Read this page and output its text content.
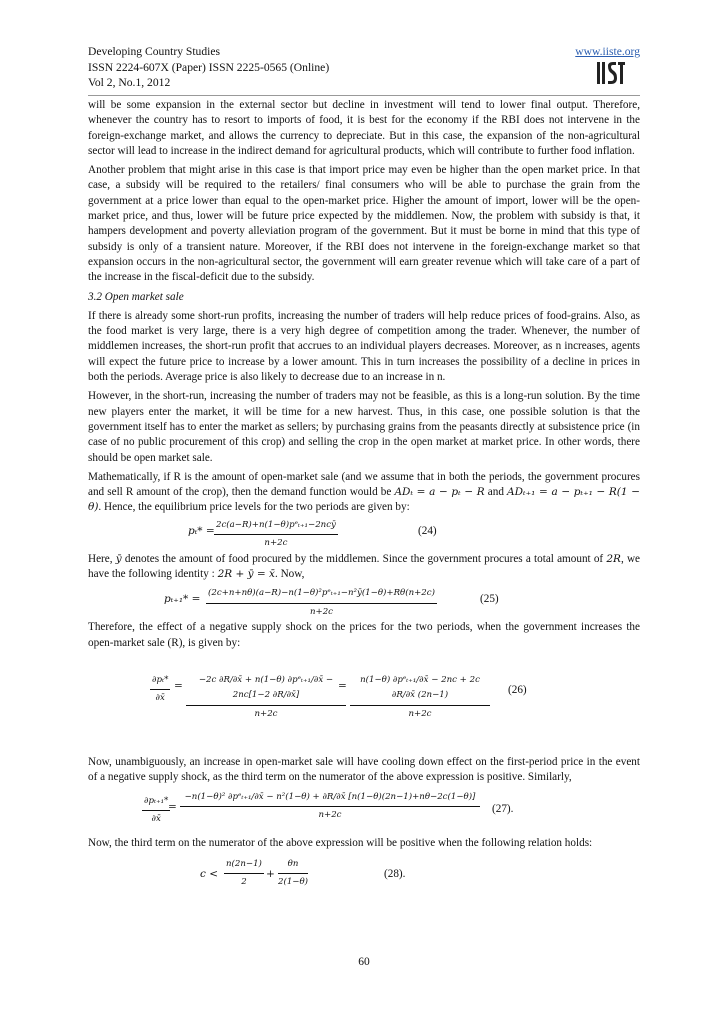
Developing Country Studies
ISSN 2224-607X (Paper) ISSN 2225-0565 (Online)
Vol 2, No.1, 2012
www.iiste.org

will be some expansion in the external sector but decline in investment will tend to lower final output. Therefore, whenever the country has to resort to imports of food, it is best for the economy if the RBI does not intervene in the foreign-exchange market, and allows the currency to depreciate. But in this case, the expansion of the non-agricultural sector will lead to increase in the indirect demand for agricultural products, which will contribute to further food inflation.

Another problem that might arise in this case is that import price may even be higher than the open market price. In that case, a subsidy will be required to the retailers/ final consumers who will be able to purchase the grain from the government at a price lower than equal to the open-market price. Higher the amount of import, lower will be the open-market price, and thus, lower will be future price expected by the middlemen. Now, the problem with subsidy is that, it hampers development and poverty alleviation program of the government. But it must be borne in mind that this type of subsidy is only of a transient nature. Moreover, if the RBI does not intervene in the foreign-exchange market so that expansion occurs in the non-agricultural sector, the government will earn greater revenue which will take care of a part of the increase in the fiscal-deficit due to the subsidy.

3.2 Open market sale

If there is already some short-run profits, increasing the number of traders will help reduce prices of food-grains. Also, as the food market is very large, there is a very high degree of competition among the trader. Whenever, the number of middlemen increases, the short-run profit that accrues to an individual players decreases. Moreover, as n increases, agents will expect the future price to increase by a lower amount. This in turn increases the possibility of a decline in prices in both the periods. Average price is also likely to decrease due to an increase in n.

However, in the short-run, increasing the number of traders may not be feasible, as this is a long-run solution. By the time new players enter the market, it will be time for a new harvest. Thus, in this case, one possible solution is that the government itself has to enter the market as sellers; by purchasing grains from the peasants directly at subsistence price (in case of no public procurement of this crop) and selling the crop in the open market at market price. In other words, there should be open market sale.

Mathematically, if R is the amount of open-market sale (and we assume that in both the periods, the government procures and sell R amount of the crop), then the demand function would be ADₜ = a − pₜ − R and ADₜ₊₁ = a − pₜ₊₁ − R(1 − θ). Hence, the equilibrium price levels for the two periods are given by:

pₜ* = 2c(a−R)+n(1−θ)pᵉₜ₊₁−2ncȳ
n+2c
(24)

Here, ȳ denotes the amount of food procured by the middlemen. Since the government procures a total amount of 2R, we have the following identity : 2R + ȳ = x̄. Now,

pₜ₊₁* = (2c+n+nθ)(a−R)−n(1−θ)²pᵉₜ₊₁−n²ȳ(1−θ)+Rθ(n+2c)
n+2c
(25)

Therefore, the effect of a negative supply shock on the prices for the two periods, when the government increases the open-market sale (R), is given by:

$\frac{\text{∂pₜ*}}{\partial x̄}$ =	−2c ∂R/∂x̄ + n(1−θ) ∂pᵉₜ₊₁/∂x̄ − 2nc[1−2 ∂R/∂x̄]
n+2c
=	n(1−θ) ∂pᵉₜ₊₁/∂x̄ − 2nc + 2c ∂R/∂x̄ (2n−1)
n+2c
(26)

Now, unambiguously, an increase in open-market sale will have cooling down effect on the first-period price in the event of a negative supply shock, as the third term on the numerator of the above expression is positive. Similarly,

$\frac{\text{∂pₜ₊₁*}}{\partial x̄}$
=
−n(1−θ)² ∂pᵉₜ₊₁/∂x̄ − n²(1−θ) + ∂R/∂x̄ [n(1−θ)(2n−1)+nθ−2c(1−θ)]
n+2c
(27).

Now, the third term on the numerator of the above expression will be positive when the following relation holds:

$c < \frac{n(2n-1)}{2} + \frac{\theta n}{2(1-\theta)}$	(28).
60
